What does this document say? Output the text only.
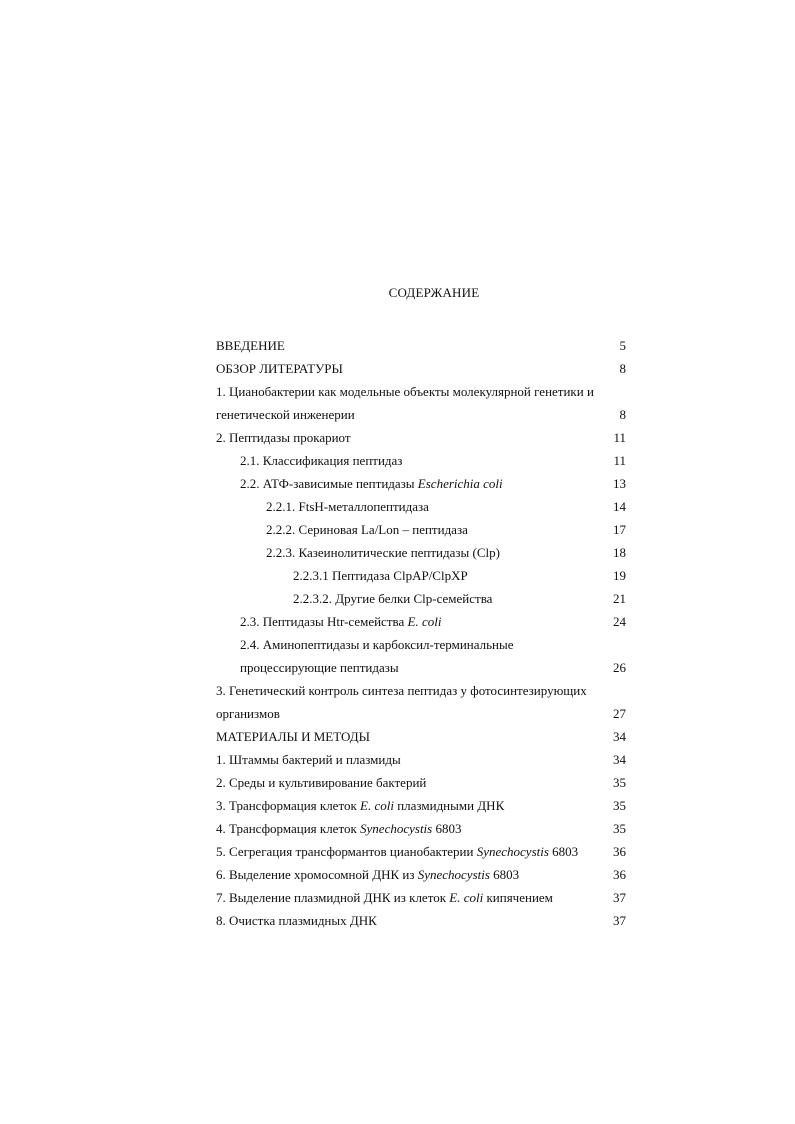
СОДЕРЖАНИЕ
ВВЕДЕНИЕ	5
ОБЗОР ЛИТЕРАТУРЫ	8
1. Цианобактерии как модельные объекты молекулярной генетики и генетической инженерии	8
2. Пептидазы прокариот	11
2.1. Классификация пептидаз	11
2.2. АТФ-зависимые пептидазы Escherichia coli	13
2.2.1. FtsH-металлопептидаза	14
2.2.2. Сериновая La/Lon – пептидаза	17
2.2.3. Казеинолитические пептидазы (Clp)	18
2.2.3.1 Пептидаза ClpAP/ClpXP	19
2.2.3.2. Другие белки Clp-семейства	21
2.3. Пептидазы Htr-семейства E. coli	24
2.4. Аминопептидазы и карбоксил-терминальные процессирующие пептидазы	26
3. Генетический контроль синтеза пептидаз у фотосинтезирующих организмов	27
МАТЕРИАЛЫ И МЕТОДЫ	34
1. Штаммы бактерий и плазмиды	34
2. Среды и культивирование бактерий	35
3. Трансформация клеток E. coli плазмидными ДНК	35
4. Трансформация клеток Synechocystis 6803	35
5. Сегрегация трансформантов цианобактерии Synechocystis 6803	36
6. Выделение хромосомной ДНК из Synechocystis 6803	36
7. Выделение плазмидной ДНК из клеток E. coli кипячением	37
8. Очистка плазмидных ДНК	37
